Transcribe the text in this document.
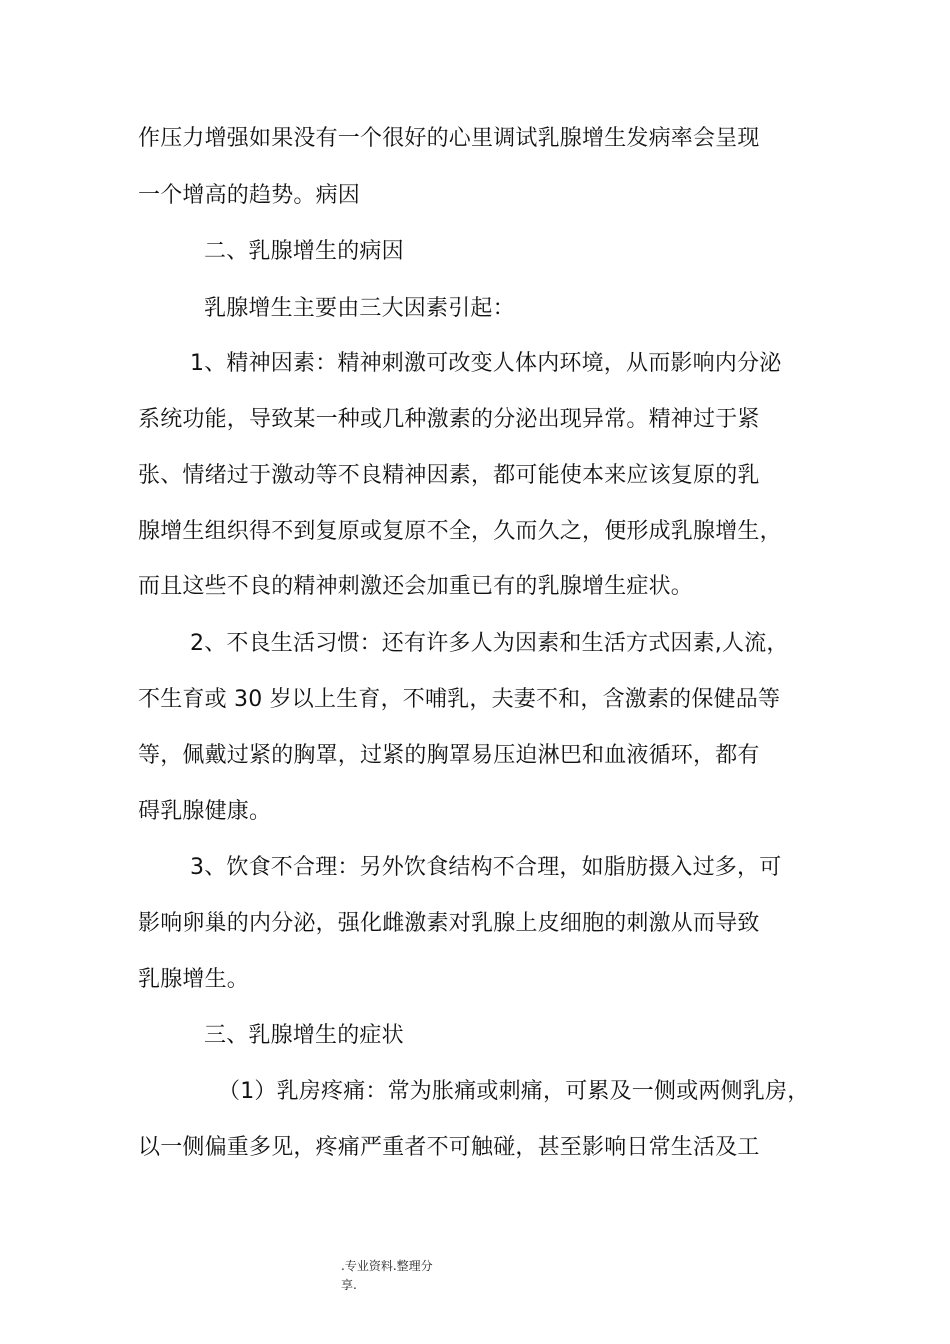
作压力增强如果没有一个很好的心里调试乳腺增生发病率会呈现
一个增高的趋势。病因
二、乳腺增生的病因
乳腺增生主要由三大因素引起：
1、精神因素：精神刺激可改变人体内环境，从而影响内分泌
系统功能，导致某一种或几种激素的分泌出现异常。精神过于紧
张、情绪过于激动等不良精神因素，都可能使本来应该复原的乳
腺增生组织得不到复原或复原不全，久而久之，便形成乳腺增生，
而且这些不良的精神刺激还会加重已有的乳腺增生症状。
2、不良生活习惯：还有许多人为因素和生活方式因素,人流，
不生育或 30 岁以上生育，不哺乳，夫妻不和，含激素的保健品等
等，佩戴过紧的胸罩，过紧的胸罩易压迫淋巴和血液循环，都有
碍乳腺健康。
3、饮食不合理：另外饮食结构不合理，如脂肪摄入过多，可
影响卵巢的内分泌，强化雌激素对乳腺上皮细胞的刺激从而导致
乳腺增生。
三、乳腺增生的症状
（1）乳房疼痛：常为胀痛或刺痛，可累及一侧或两侧乳房，
以一侧偏重多见，疼痛严重者不可触碰，甚至影响日常生活及工
.专业资料.整理分
享.
